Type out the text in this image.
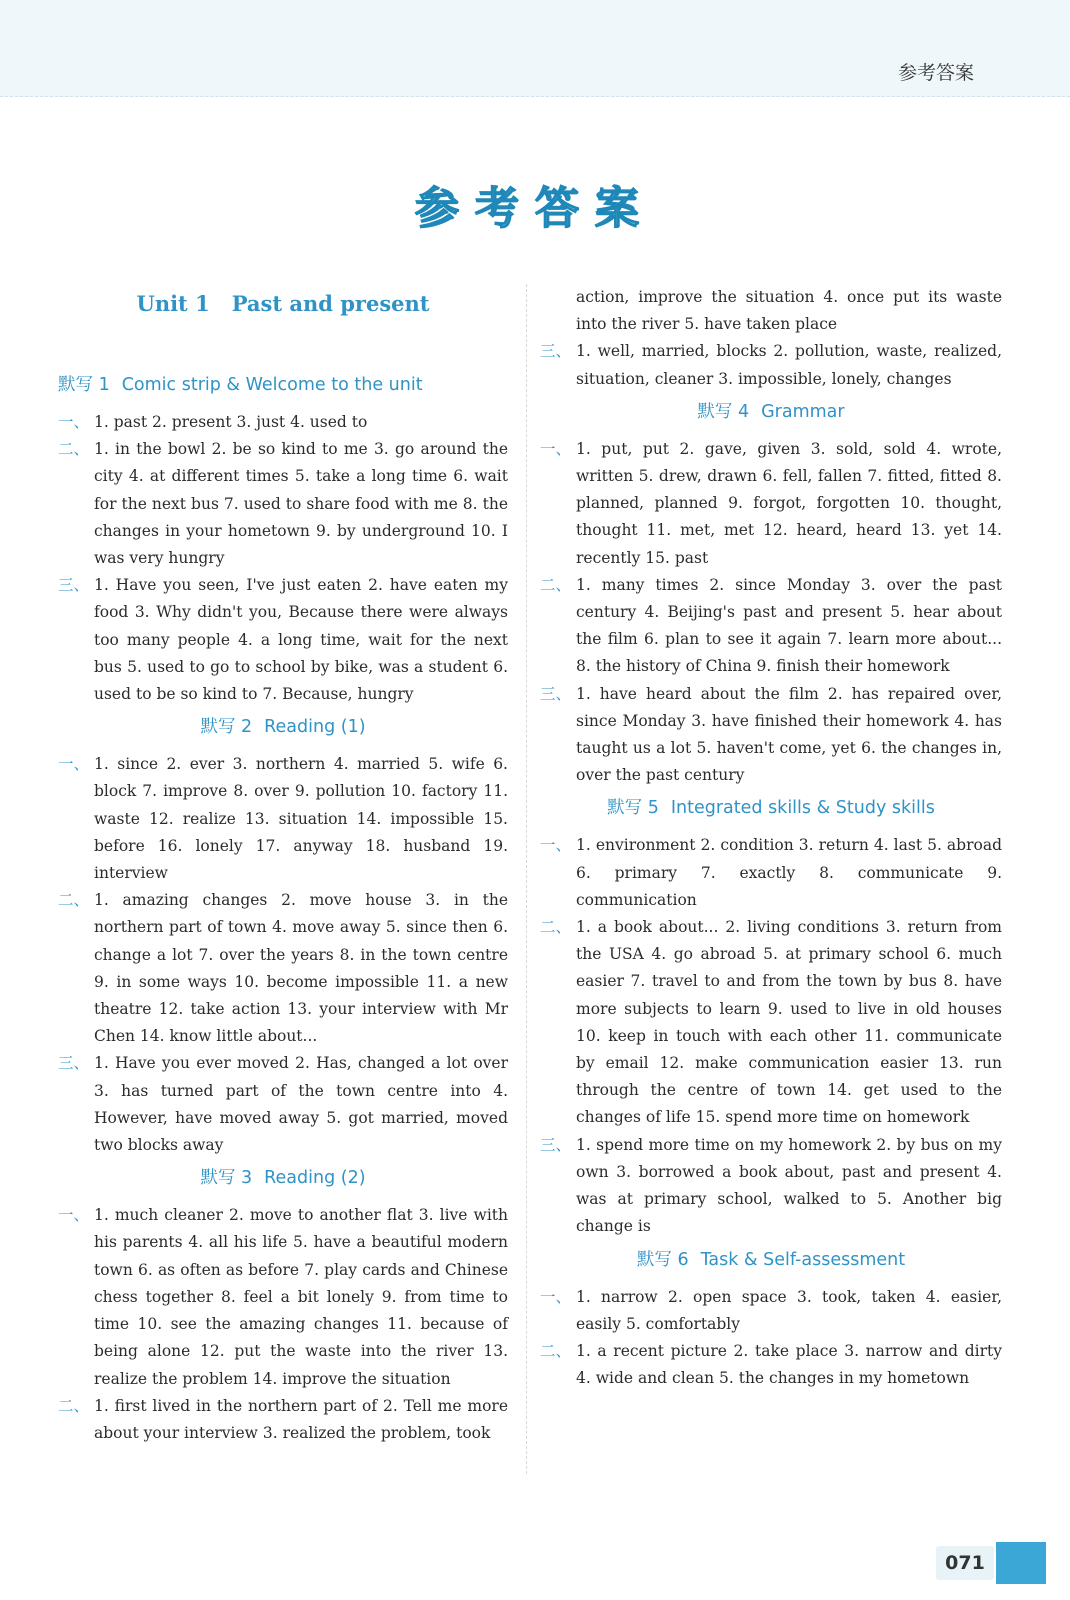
参考答案
参考答案
Unit 1 Past and present
默写 1 Comic strip & Welcome to the unit
一、 1. past 2. present 3. just 4. used to
二、 1. in the bowl 2. be so kind to me 3. go around the city 4. at different times 5. take a long time 6. wait for the next bus 7. used to share food with me 8. the changes in your hometown 9. by underground 10. I was very hungry
三、 1. Have you seen, I've just eaten 2. have eaten my food 3. Why didn't you, Because there were always too many people 4. a long time, wait for the next bus 5. used to go to school by bike, was a student 6. used to be so kind to 7. Because, hungry
默写 2 Reading (1)
一、 1. since 2. ever 3. northern 4. married 5. wife 6. block 7. improve 8. over 9. pollution 10. factory 11. waste 12. realize 13. situation 14. impossible 15. before 16. lonely 17. anyway 18. husband 19. interview
二、 1. amazing changes 2. move house 3. in the northern part of town 4. move away 5. since then 6. change a lot 7. over the years 8. in the town centre 9. in some ways 10. become impossible 11. a new theatre 12. take action 13. your interview with Mr Chen 14. know little about...
三、 1. Have you ever moved 2. Has, changed a lot over 3. has turned part of the town centre into 4. However, have moved away 5. got married, moved two blocks away
默写 3 Reading (2)
一、 1. much cleaner 2. move to another flat 3. live with his parents 4. all his life 5. have a beautiful modern town 6. as often as before 7. play cards and Chinese chess together 8. feel a bit lonely 9. from time to time 10. see the amazing changes 11. because of being alone 12. put the waste into the river 13. realize the problem 14. improve the situation
二、 1. first lived in the northern part of 2. Tell me more about your interview 3. realized the problem, took
action, improve the situation 4. once put its waste into the river 5. have taken place
三、 1. well, married, blocks 2. pollution, waste, realized, situation, cleaner 3. impossible, lonely, changes
默写 4 Grammar
一、 1. put, put 2. gave, given 3. sold, sold 4. wrote, written 5. drew, drawn 6. fell, fallen 7. fitted, fitted 8. planned, planned 9. forgot, forgotten 10. thought, thought 11. met, met 12. heard, heard 13. yet 14. recently 15. past
二、 1. many times 2. since Monday 3. over the past century 4. Beijing's past and present 5. hear about the film 6. plan to see it again 7. learn more about... 8. the history of China 9. finish their homework
三、 1. have heard about the film 2. has repaired over, since Monday 3. have finished their homework 4. has taught us a lot 5. haven't come, yet 6. the changes in, over the past century
默写 5 Integrated skills & Study skills
一、 1. environment 2. condition 3. return 4. last 5. abroad 6. primary 7. exactly 8. communicate 9. communication
二、 1. a book about... 2. living conditions 3. return from the USA 4. go abroad 5. at primary school 6. much easier 7. travel to and from the town by bus 8. have more subjects to learn 9. used to live in old houses 10. keep in touch with each other 11. communicate by email 12. make communication easier 13. run through the centre of town 14. get used to the changes of life 15. spend more time on homework
三、 1. spend more time on my homework 2. by bus on my own 3. borrowed a book about, past and present 4. was at primary school, walked to 5. Another big change is
默写 6 Task & Self-assessment
一、 1. narrow 2. open space 3. took, taken 4. easier, easily 5. comfortably
二、 1. a recent picture 2. take place 3. narrow and dirty 4. wide and clean 5. the changes in my hometown
071
